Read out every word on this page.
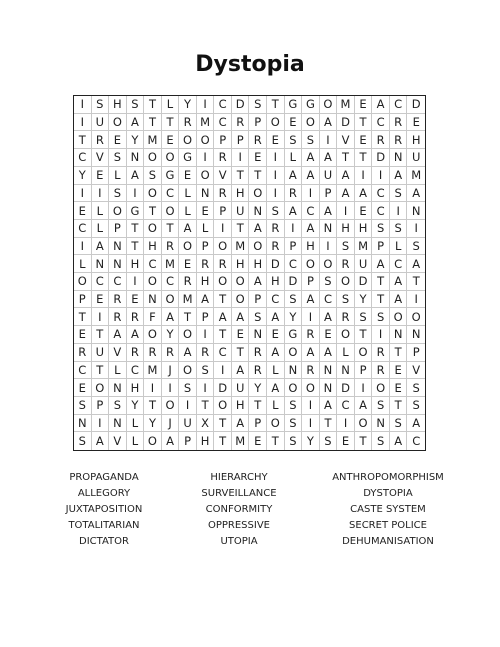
Dystopia
I	S H S T L Y	I	C D S T G G O M E A C D
I	U O A T T R M C R P O E O A D T C R E
T R E Y M E O O P P R E S S	I	V E R R H
C V S N O O G I	R	I	E	I	L A A T T D N U
Y E L A S G E O V T T	I	A A U A	I	I	A M
I	I	S	I O C L N R H O I	R	I	P A A C S A
E L O G T O L E P U N S A C A	I	E C	I	N
C L P T O T A L	I	T A R	I	A N H H S S	I
I	A N T H R O P O M O R P H	I	S M P L S
L N N H C M E R R H H D C O O R U A C A
O C C	I O C R H O O A H D P S O D T A T
P E R E N O M A T O P C S A C S Y T A	I
T	I	R R F A T P A A S A Y	I	A R S S O O
E T A A O Y O I	T E N E G R E O T	I	N N
R U V R R R A R C T R A O A A L O R T P
C T L C M J O S	I	A R L N R N N P R E V
E O N H	I	I	S	I D U Y A O O N D I O E S
S P S Y T O I	T O H T L S	I	A C A S T S
N	I	N L Y	J	U X T A P O S	I	T	I O N S A
S A V L O A P H T M E T S Y S E T S A C
PROPAGANDA	HIERARCHY	ANTHROPOMORPHISM
ALLEGORY	SURVEILLANCE	DYSTOPIA
JUXTAPOSITION	CONFORMITY	CASTE SYSTEM
TOTALITARIAN	OPPRESSIVE	SECRET POLICE
DICTATOR	UTOPIA	DEHUMANISATION
